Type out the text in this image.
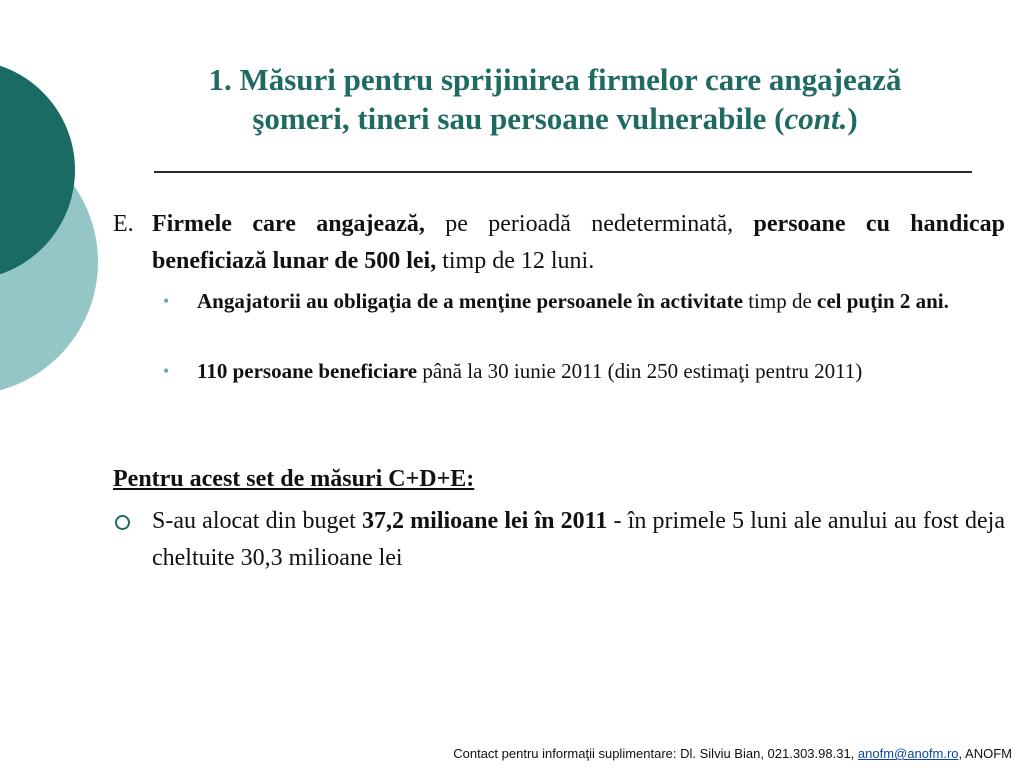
1. Măsuri pentru sprijinirea firmelor care angajează
şomeri, tineri sau persoane vulnerabile (cont.)
E. Firmele care angajează, pe perioadă nedeterminată, persoane cu handicap beneficiază lunar de 500 lei, timp de 12 luni.
• Angajatorii au obligaţia de a menţine persoanele în activitate timp de cel puţin 2 ani.
• 110 persoane beneficiare până la 30 iunie 2011 (din 250 estimaţi pentru 2011)
Pentru acest set de măsuri C+D+E:
S-au alocat din buget 37,2 milioane lei în 2011 - în primele 5 luni ale anului au fost deja cheltuite 30,3 milioane lei
Contact pentru informaţii suplimentare: Dl. Silviu Bian, 021.303.98.31, anofm@anofm.ro, ANOFM
